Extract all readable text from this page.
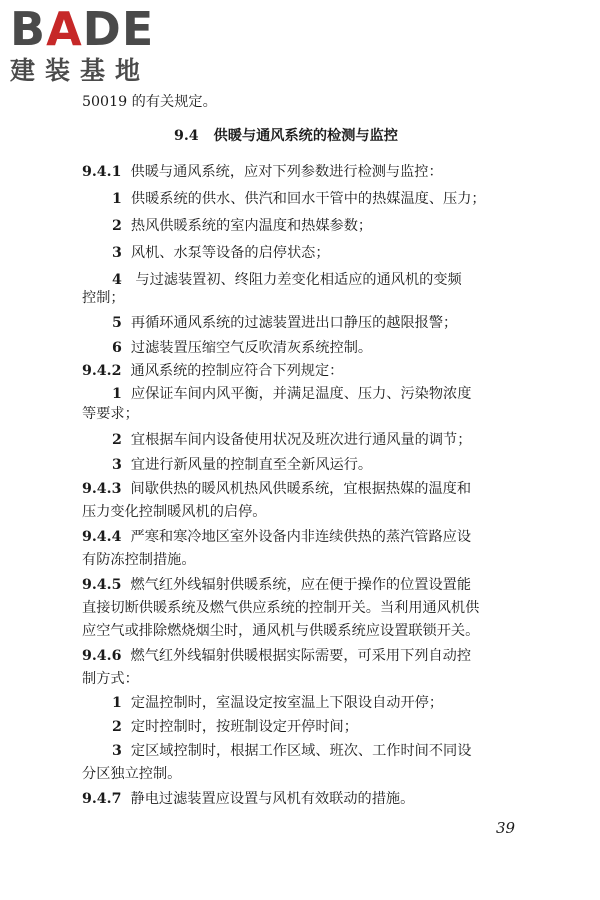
BADE
建装基地
50019 的有关规定。
9.4 供暖与通风系统的检测与监控
9.4.1 供暖与通风系统，应对下列参数进行检测与监控：
1 供暖系统的供水、供汽和回水干管中的热媒温度、压力；
2 热风供暖系统的室内温度和热媒参数；
3 风机、水泵等设备的启停状态；
4   与过滤装置初、终阻力差变化相适应的通风机的变频
控制；
5 再循环通风系统的过滤装置进出口静压的越限报警；
6 过滤装置压缩空气反吹清灰系统控制。
9.4.2 通风系统的控制应符合下列规定：
1 应保证车间内风平衡，并满足温度、压力、污染物浓度
等要求；
2 宜根据车间内设备使用状况及班次进行通风量的调节；
3 宜进行新风量的控制直至全新风运行。
9.4.3 间歇供热的暖风机热风供暖系统，宜根据热媒的温度和
压力变化控制暖风机的启停。
9.4.4 严寒和寒冷地区室外设备内非连续供热的蒸汽管路应设
有防冻控制措施。
9.4.5 燃气红外线辐射供暖系统，应在便于操作的位置设置能
直接切断供暖系统及燃气供应系统的控制开关。当利用通风机供
应空气或排除燃烧烟尘时，通风机与供暖系统应设置联锁开关。
9.4.6 燃气红外线辐射供暖根据实际需要，可采用下列自动控
制方式：
1 定温控制时，室温设定按室温上下限设自动开停；
2 定时控制时，按班制设定开停时间；
3 定区域控制时，根据工作区域、班次、工作时间不同设
分区独立控制。
9.4.7 静电过滤装置应设置与风机有效联动的措施。
39
